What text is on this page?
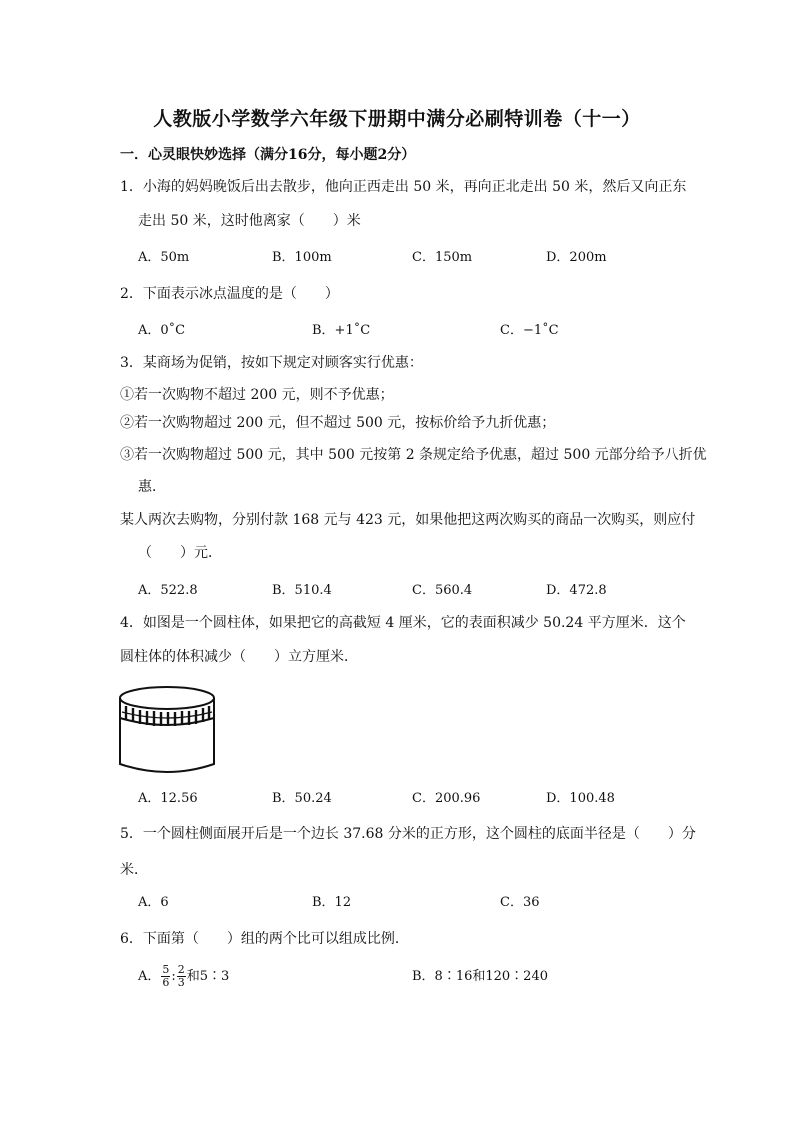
人教版小学数学六年级下册期中满分必刷特训卷（十一）
一．心灵眼快妙选择（满分16分，每小题2分）
1．小海的妈妈晚饭后出去散步，他向正西走出 50 米，再向正北走出 50 米，然后又向正东
走出 50 米，这时他离家（　　）米
A．50m	B．100m	C．150m	D．200m
2．下面表示冰点温度的是（　　）
A．0˚C	B．+1˚C	C．−1˚C
3．某商场为促销，按如下规定对顾客实行优惠：
①若一次购物不超过 200 元，则不予优惠；
②若一次购物超过 200 元，但不超过 500 元，按标价给予九折优惠；
③若一次购物超过 500 元，其中 500 元按第 2 条规定给予优惠，超过 500 元部分给予八折优
惠．
某人两次去购物，分别付款 168 元与 423 元，如果他把这两次购买的商品一次购买，则应付
（　　）元．
A．522.8	B．510.4	C．560.4	D．472.8
4．如图是一个圆柱体，如果把它的高截短 4 厘米，它的表面积减少 50.24 平方厘米．这个
圆柱体的体积减少（　　）立方厘米．
A．12.56	B．50.24	C．200.96	D．100.48
5．一个圆柱侧面展开后是一个边长 37.68 分米的正方形，这个圆柱的底面半径是（　　）分
米．
A．6	B．12	C．36
6．下面第（　　）组的两个比可以组成比例．
A． $\frac{5}{6}$ : $\frac{2}{3}$ 和5∶3	B．8∶16和120∶240
